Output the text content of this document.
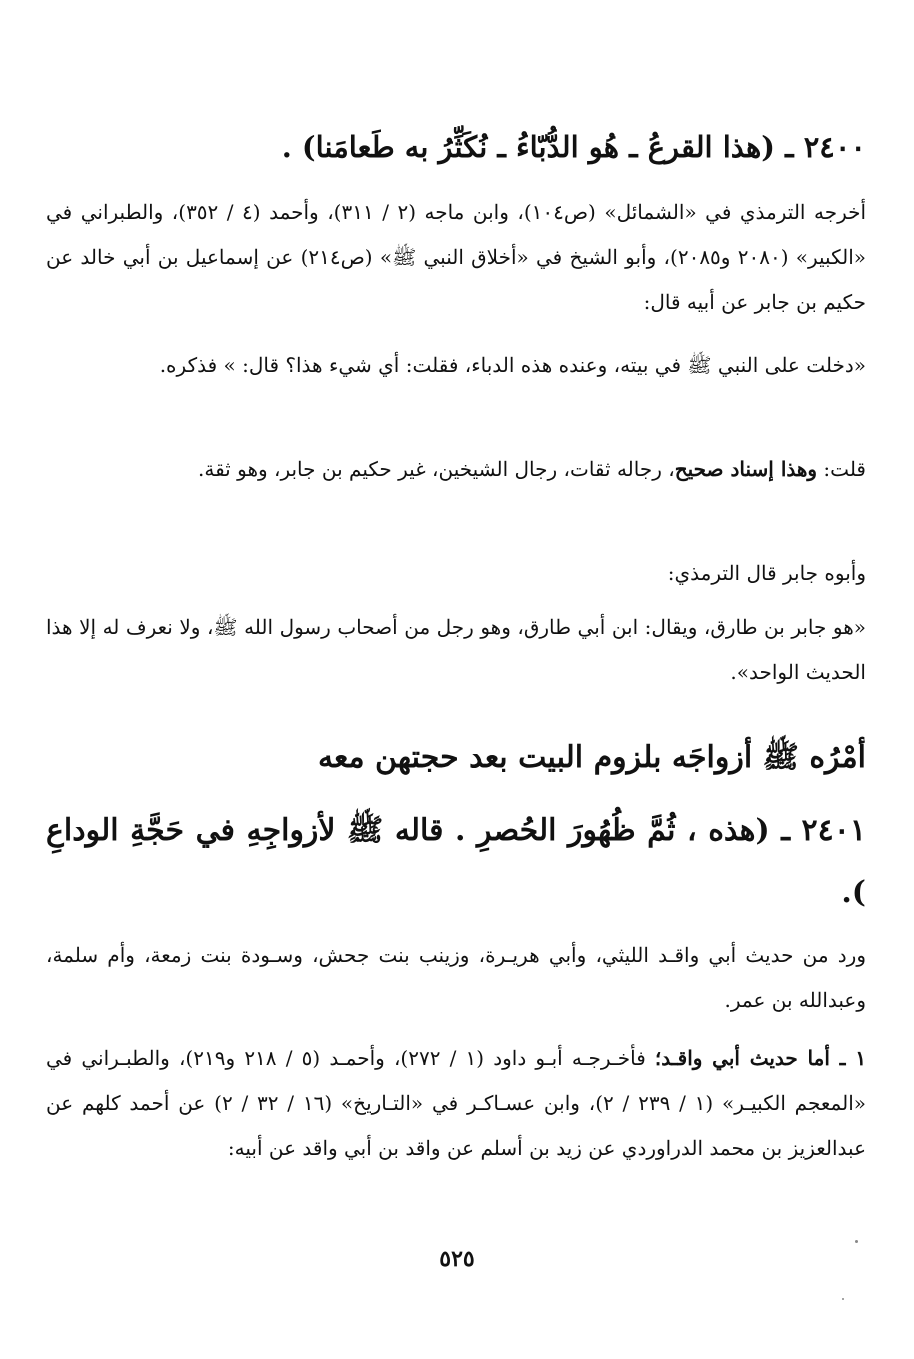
٢٤٠٠ ـ (هذا القرعُ ـ هُو الدُّبّاءُ ـ نُكَثِّرُ به طَعامَنا) .
أخرجه الترمذي في «الشمائل» (ص١٠٤)، وابن ماجه (٢ / ٣١١)، وأحمد (٤ / ٣٥٢)، والطبراني في «الكبير» (٢٠٨٠ و٢٠٨٥)، وأبو الشيخ في «أخلاق النبي ﷺ» (ص٢١٤) عن إسماعيل بن أبي خالد عن حكيم بن جابر عن أبيه قال:
«دخلت على النبي ﷺ في بيته، وعنده هذه الدباء، فقلت: أي شيء هذا؟ قال: » فذكره.
قلت: وهذا إسناد صحيح، رجاله ثقات، رجال الشيخين، غير حكيم بن جابر، وهو ثقة.
وأبوه جابر قال الترمذي:
«هو جابر بن طارق، ويقال: ابن أبي طارق، وهو رجل من أصحاب رسول الله ﷺ، ولا نعرف له إلا هذا الحديث الواحد».
أمْرُه ﷺ أزواجَه بلزوم البيت بعد حجتهن معه
٢٤٠١ ـ (هذه ، ثُمَّ ظُهُورَ الحُصرِ . قاله ﷺ لأزواجِهِ في حَجَّةِ الوداعِ ).
ورد من حديث أبي واقـد الليثي، وأبي هريـرة، وزينب بنت جحش، وسـودة بنت زمعة، وأم سلمة، وعبدالله بن عمر.
١ ـ أما حديث أبي واقـد؛ فأخـرجـه أبـو داود (١ / ٢٧٢)، وأحمـد (٥ / ٢١٨ و٢١٩)، والطبـراني في «المعجم الكبيـر» (١ / ٢٣٩ / ٢)، وابن عسـاكـر في «التـاريخ» (١٦ / ٣٢ / ٢) عن أحمد كلهم عن عبدالعزيز بن محمد الدراوردي عن زيد بن أسلم عن واقد بن أبي واقد عن أبيه:
٥٢٥
